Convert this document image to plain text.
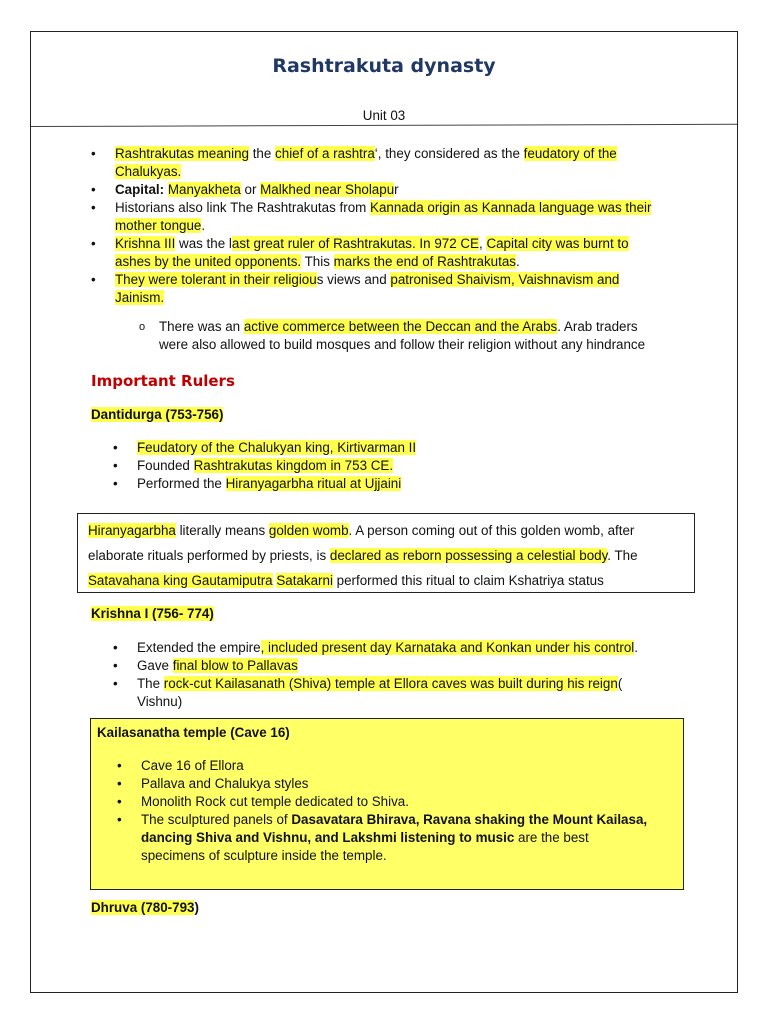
Rashtrakuta dynasty
Unit 03
• Rashtrakutas meaning the chief of a rashtra‘, they considered as the feudatory of the
Chalukyas.
• Capital: Manyakheta or Malkhed near Sholapur
• Historians also link The Rashtrakutas from Kannada origin as Kannada language was their
mother tongue.
• Krishna III was the last great ruler of Rashtrakutas. In 972 CE, Capital city was burnt to
ashes by the united opponents. This marks the end of Rashtrakutas.
• They were tolerant in their religious views and patronised Shaivism, Vaishnavism and
Jainism.
o There was an active commerce between the Deccan and the Arabs. Arab traders
were also allowed to build mosques and follow their religion without any hindrance
Important Rulers
Dantidurga (753-756)
• Feudatory of the Chalukyan king, Kirtivarman II
• Founded Rashtrakutas kingdom in 753 CE.
• Performed the Hiranyagarbha ritual at Ujjaini
Hiranyagarbha literally means golden womb. A person coming out of this golden womb, after
elaborate rituals performed by priests, is declared as reborn possessing a celestial body. The
Satavahana king Gautamiputra Satakarni performed this ritual to claim Kshatriya status
Krishna I (756- 774)
• Extended the empire, included present day Karnataka and Konkan under his control.
• Gave final blow to Pallavas
• The rock-cut Kailasanath (Shiva) temple at Ellora caves was built during his reign(
Vishnu)
Kailasanatha temple (Cave 16)
• Cave 16 of Ellora
• Pallava and Chalukya styles
• Monolith Rock cut temple dedicated to Shiva.
• The sculptured panels of Dasavatara Bhirava, Ravana shaking the Mount Kailasa,
dancing Shiva and Vishnu, and Lakshmi listening to music are the best
specimens of sculpture inside the temple.
Dhruva (780-793)
